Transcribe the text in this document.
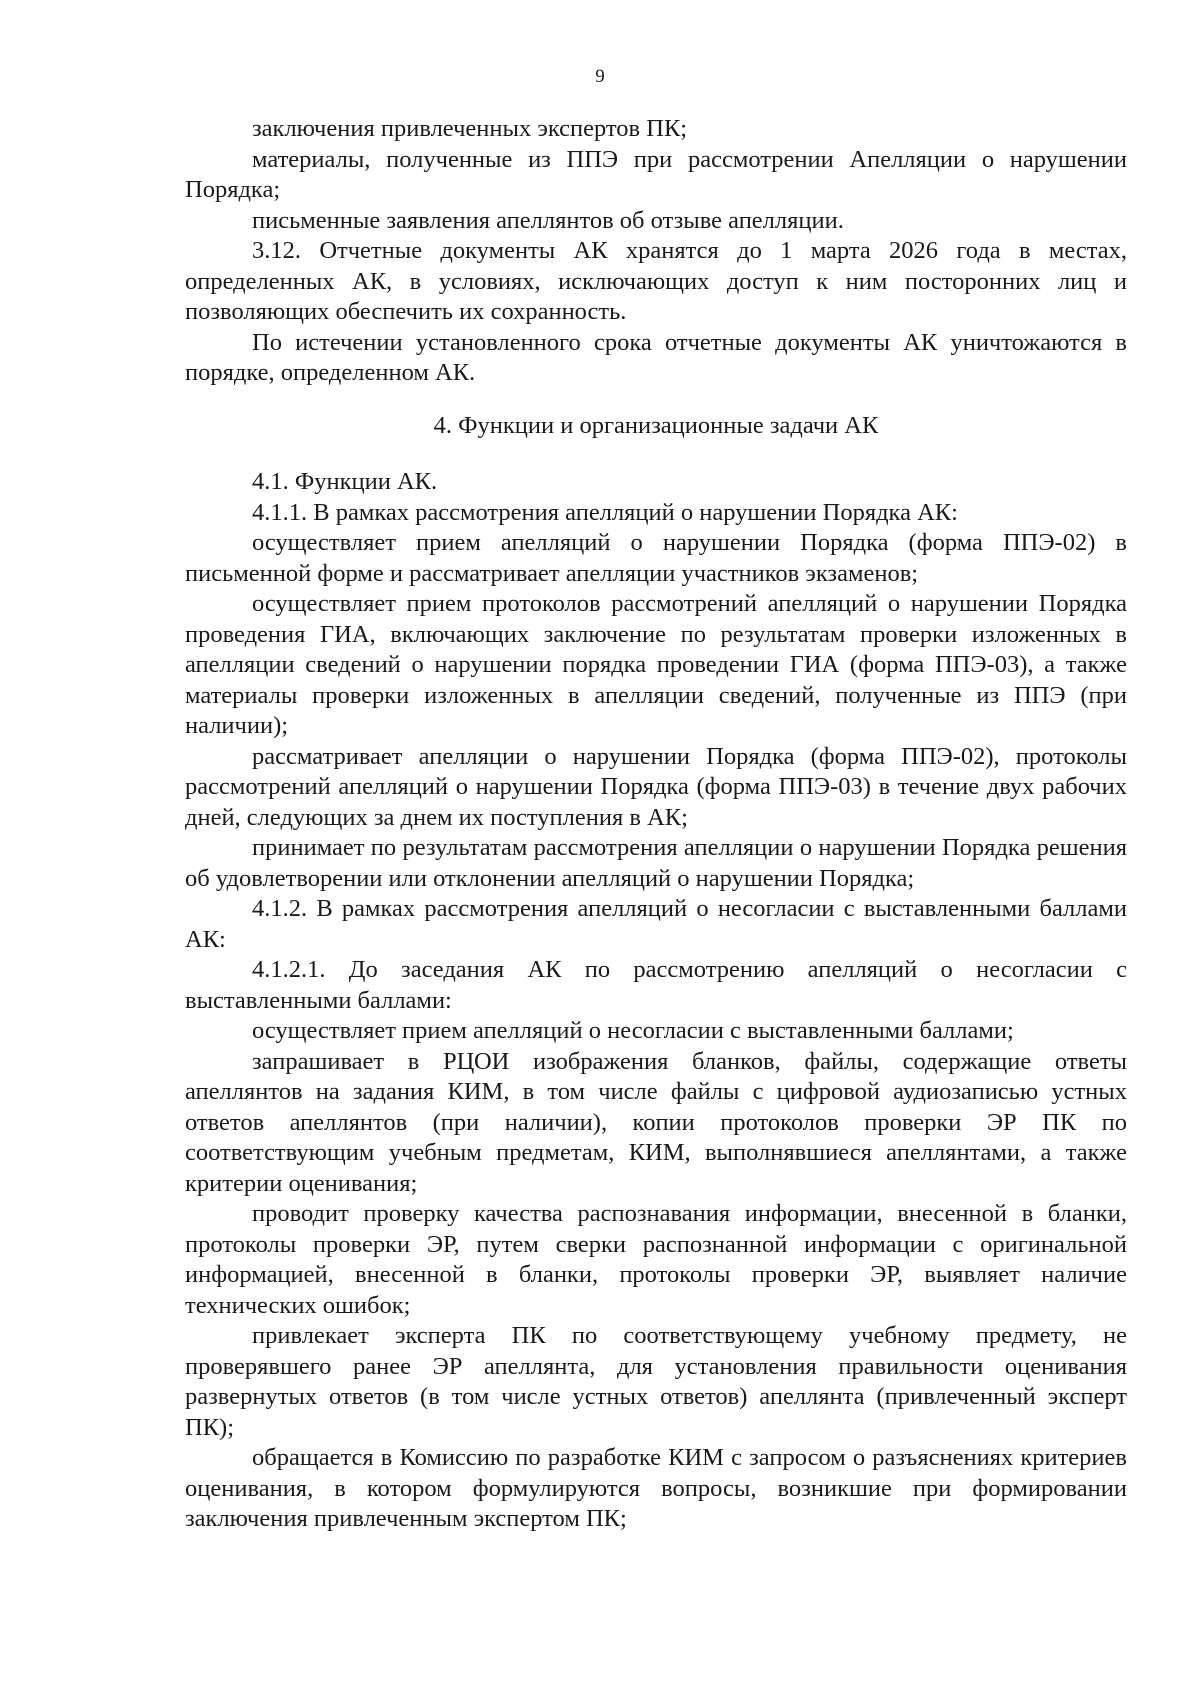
9

заключения привлеченных экспертов ПК;

материалы, полученные из ППЭ при рассмотрении Апелляции о нарушении Порядка;

письменные заявления апеллянтов об отзыве апелляции.

3.12. Отчетные документы АК хранятся до 1 марта 2026 года в местах, определенных АК, в условиях, исключающих доступ к ним посторонних лиц и позволяющих обеспечить их сохранность.

По истечении установленного срока отчетные документы АК уничтожаются в порядке, определенном АК.

4. Функции и организационные задачи АК

4.1. Функции АК.

4.1.1. В рамках рассмотрения апелляций о нарушении Порядка АК:

осуществляет прием апелляций о нарушении Порядка (форма ППЭ-02) в письменной форме и рассматривает апелляции участников экзаменов;

осуществляет прием протоколов рассмотрений апелляций о нарушении Порядка проведения ГИА, включающих заключение по результатам проверки изложенных в апелляции сведений о нарушении порядка проведении ГИА (форма ППЭ-03), а также материалы проверки изложенных в апелляции сведений, полученные из ППЭ (при наличии);

рассматривает апелляции о нарушении Порядка (форма ППЭ-02), протоколы рассмотрений апелляций о нарушении Порядка (форма ППЭ-03) в течение двух рабочих дней, следующих за днем их поступления в АК;

принимает по результатам рассмотрения апелляции о нарушении Порядка решения об удовлетворении или отклонении апелляций о нарушении Порядка;

4.1.2. В рамках рассмотрения апелляций о несогласии с выставленными баллами АК:

4.1.2.1. До заседания АК по рассмотрению апелляций о несогласии с выставленными баллами:

осуществляет прием апелляций о несогласии с выставленными баллами;

запрашивает в РЦОИ изображения бланков, файлы, содержащие ответы апеллянтов на задания КИМ, в том числе файлы с цифровой аудиозаписью устных ответов апеллянтов (при наличии), копии протоколов проверки ЭР ПК по соответствующим учебным предметам, КИМ, выполнявшиеся апеллянтами, а также критерии оценивания;

проводит проверку качества распознавания информации, внесенной в бланки, протоколы проверки ЭР, путем сверки распознанной информации с оригинальной информацией, внесенной в бланки, протоколы проверки ЭР, выявляет наличие технических ошибок;

привлекает эксперта ПК по соответствующему учебному предмету, не проверявшего ранее ЭР апеллянта, для установления правильности оценивания развернутых ответов (в том числе устных ответов) апеллянта (привлеченный эксперт ПК);

обращается в Комиссию по разработке КИМ с запросом о разъяснениях критериев оценивания, в котором формулируются вопросы, возникшие при формировании заключения привлеченным экспертом ПК;
